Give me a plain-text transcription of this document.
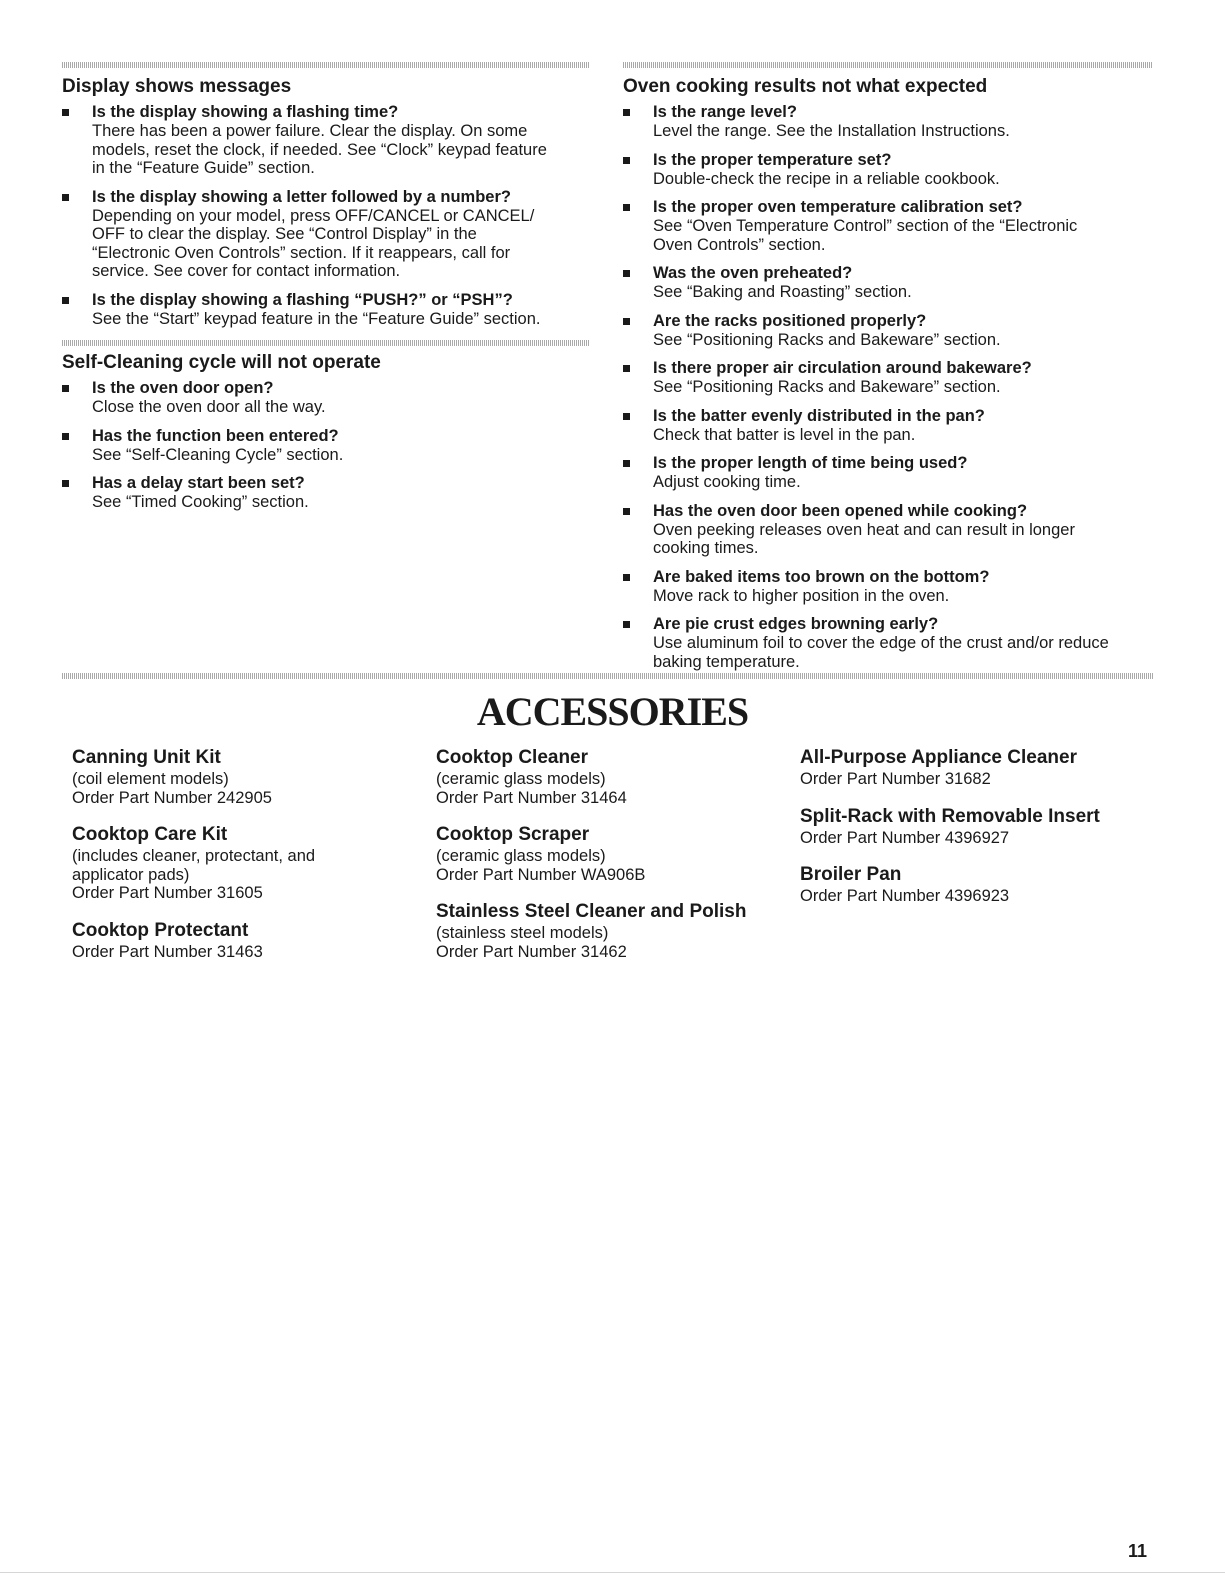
Display shows messages
Is the display showing a flashing time?
There has been a power failure. Clear the display. On some
models, reset the clock, if needed. See “Clock” keypad feature
in the “Feature Guide” section.
Is the display showing a letter followed by a number?
Depending on your model, press OFF/CANCEL or CANCEL/
OFF to clear the display. See “Control Display” in the
“Electronic Oven Controls” section. If it reappears, call for
service. See cover for contact information.
Is the display showing a flashing “PUSH?” or “PSH”?
See the “Start” keypad feature in the “Feature Guide” section.
Self-Cleaning cycle will not operate
Is the oven door open?
Close the oven door all the way.
Has the function been entered?
See “Self-Cleaning Cycle” section.
Has a delay start been set?
See “Timed Cooking” section.
Oven cooking results not what expected
Is the range level?
Level the range. See the Installation Instructions.
Is the proper temperature set?
Double-check the recipe in a reliable cookbook.
Is the proper oven temperature calibration set?
See “Oven Temperature Control” section of the “Electronic
Oven Controls” section.
Was the oven preheated?
See “Baking and Roasting” section.
Are the racks positioned properly?
See “Positioning Racks and Bakeware” section.
Is there proper air circulation around bakeware?
See “Positioning Racks and Bakeware” section.
Is the batter evenly distributed in the pan?
Check that batter is level in the pan.
Is the proper length of time being used?
Adjust cooking time.
Has the oven door been opened while cooking?
Oven peeking releases oven heat and can result in longer
cooking times.
Are baked items too brown on the bottom?
Move rack to higher position in the oven.
Are pie crust edges browning early?
Use aluminum foil to cover the edge of the crust and/or reduce
baking temperature.
ACCESSORIES
Canning Unit Kit
(coil element models)
Order Part Number 242905
Cooktop Care Kit
(includes cleaner, protectant, and
applicator pads)
Order Part Number 31605
Cooktop Protectant
Order Part Number 31463
Cooktop Cleaner
(ceramic glass models)
Order Part Number 31464
Cooktop Scraper
(ceramic glass models)
Order Part Number WA906B
Stainless Steel Cleaner and Polish
(stainless steel models)
Order Part Number 31462
All-Purpose Appliance Cleaner
Order Part Number 31682
Split-Rack with Removable Insert
Order Part Number 4396927
Broiler Pan
Order Part Number 4396923
11
